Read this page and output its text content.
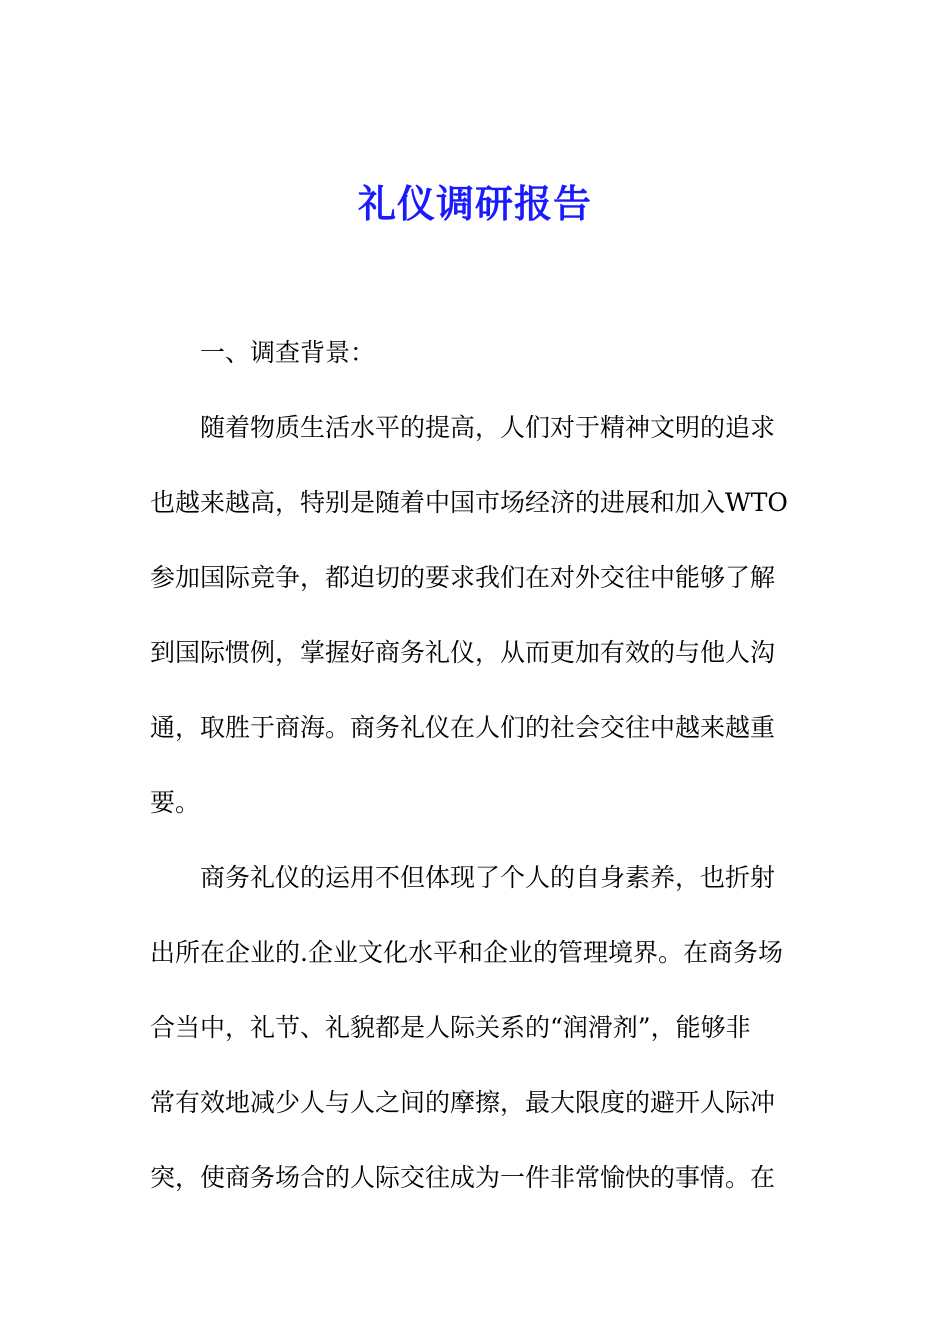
礼仪调研报告
一、调查背景：
随着物质生活水平的提高，人们对于精神文明的追求
也越来越高，特别是随着中国市场经济的进展和加入WTO
参加国际竞争，都迫切的要求我们在对外交往中能够了解
到国际惯例，掌握好商务礼仪，从而更加有效的与他人沟
通，取胜于商海。商务礼仪在人们的社会交往中越来越重
要。
商务礼仪的运用不但体现了个人的自身素养，也折射
出所在企业的.企业文化水平和企业的管理境界。在商务场
合当中，礼节、礼貌都是人际关系的“润滑剂”，能够非
常有效地减少人与人之间的摩擦，最大限度的避开人际冲
突，使商务场合的人际交往成为一件非常愉快的事情。在
